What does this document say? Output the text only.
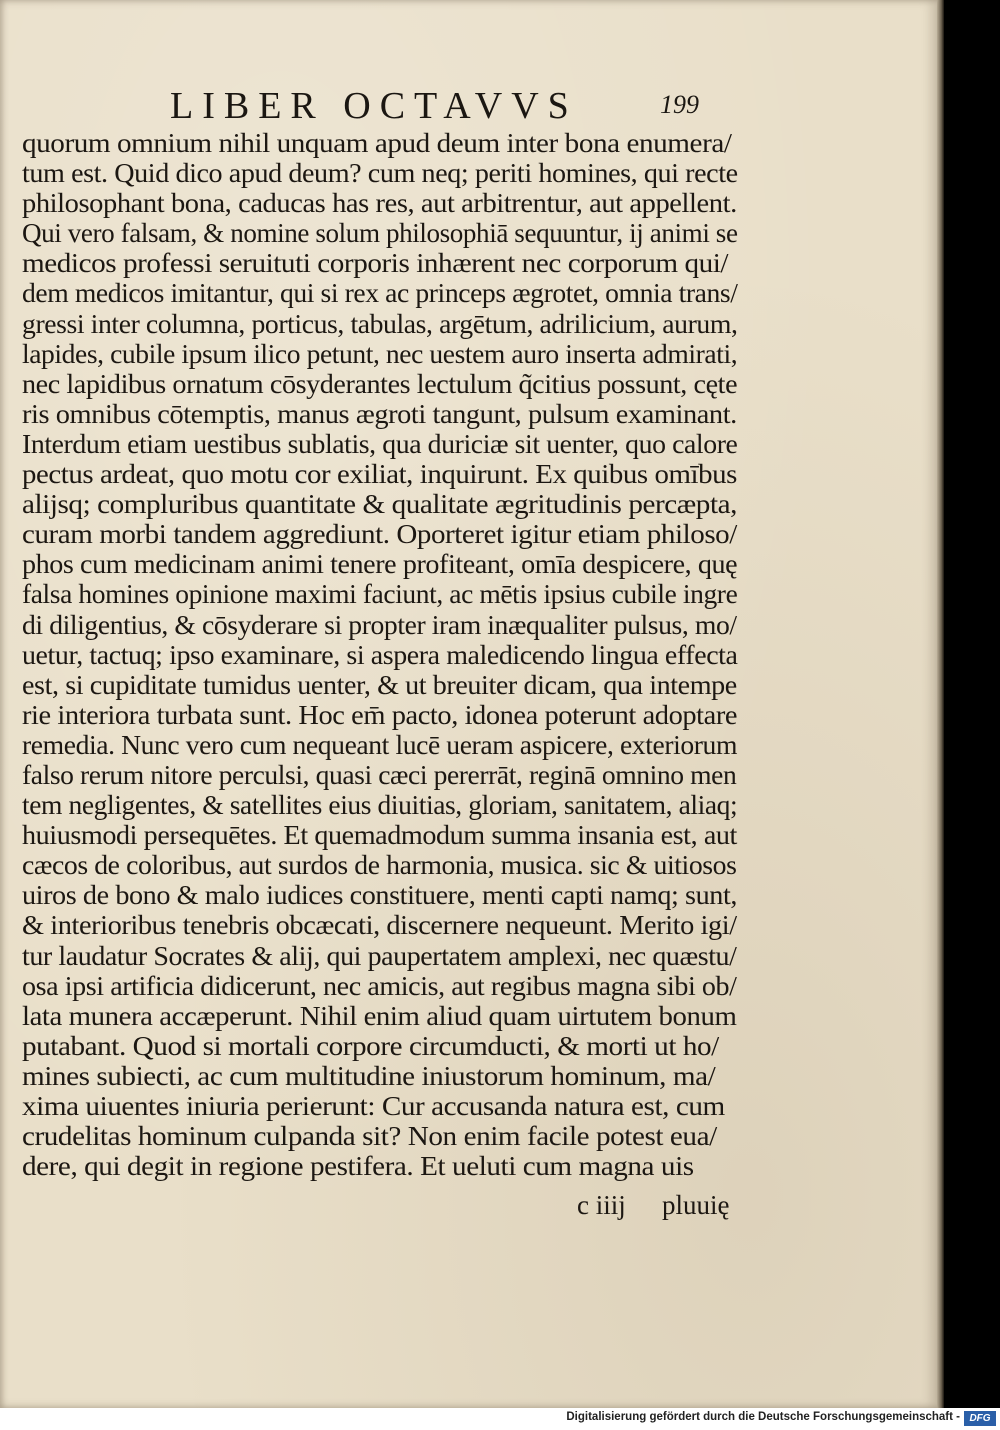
LIBER OCTAVVS	199
quorum omnium nihil unquam apud deum inter bona enumera/
tum est. Quid dico apud deum? cum neq; periti homines, qui recte
philosophant bona, caducas has res, aut arbitrentur, aut appellent.
Qui vero falsam, & nomine solum philosophiā sequuntur, ij animi se
medicos professi seruituti corporis inhærent nec corporum qui/
dem medicos imitantur, qui si rex ac princeps ægrotet, omnia trans/
gressi inter columna, porticus, tabulas, argētum, adrilicium, aurum,
lapides, cubile ipsum ilico petunt, nec uestem auro inserta admirati,
nec lapidibus ornatum cōsyderantes lectulum q̃citius possunt, cęte
ris omnibus cōtemptis, manus ægroti tangunt, pulsum examinant.
Interdum etiam uestibus sublatis, qua duriciæ sit uenter, quo calore
pectus ardeat, quo motu cor exiliat, inquirunt. Ex quibus omībus
alijsq; compluribus quantitate & qualitate ægritudinis percæpta,
curam morbi tandem aggrediunt. Oporteret igitur etiam philoso/
phos cum medicinam animi tenere profiteant, omīa despicere, quę
falsa homines opinione maximi faciunt, ac mētis ipsius cubile ingre
di diligentius, & cōsyderare si propter iram inæqualiter pulsus, mo/
uetur, tactuq; ipso examinare, si aspera maledicendo lingua effecta
est, si cupiditate tumidus uenter, & ut breuiter dicam, qua intempe
rie interiora turbata sunt. Hoc em̄ pacto, idonea poterunt adoptare
remedia. Nunc vero cum nequeant lucē ueram aspicere, exteriorum
falso rerum nitore perculsi, quasi cæci pererrāt, reginā omnino men
tem negligentes, & satellites eius diuitias, gloriam, sanitatem, aliaq;
huiusmodi persequētes. Et quemadmodum summa insania est, aut
cæcos de coloribus, aut surdos de harmonia, musica. sic & uitiosos
uiros de bono & malo iudices constituere, menti capti namq; sunt,
& interioribus tenebris obcæcati, discernere nequeunt. Merito igi/
tur laudatur Socrates & alij, qui paupertatem amplexi, nec quæstu/
osa ipsi artificia didicerunt, nec amicis, aut regibus magna sibi ob/
lata munera accæperunt. Nihil enim aliud quam uirtutem bonum
putabant. Quod si mortali corpore circumducti, & morti ut ho/
mines subiecti, ac cum multitudine iniustorum hominum, ma/
xima uiuentes iniuria perierunt: Cur accusanda natura est, cum
crudelitas hominum culpanda sit? Non enim facile potest eua/
dere, qui degit in regione pestifera. Et ueluti cum magna uis
c iiij pluuię
Digitalisierung gefördert durch die Deutsche Forschungsgemeinschaft - DFG
